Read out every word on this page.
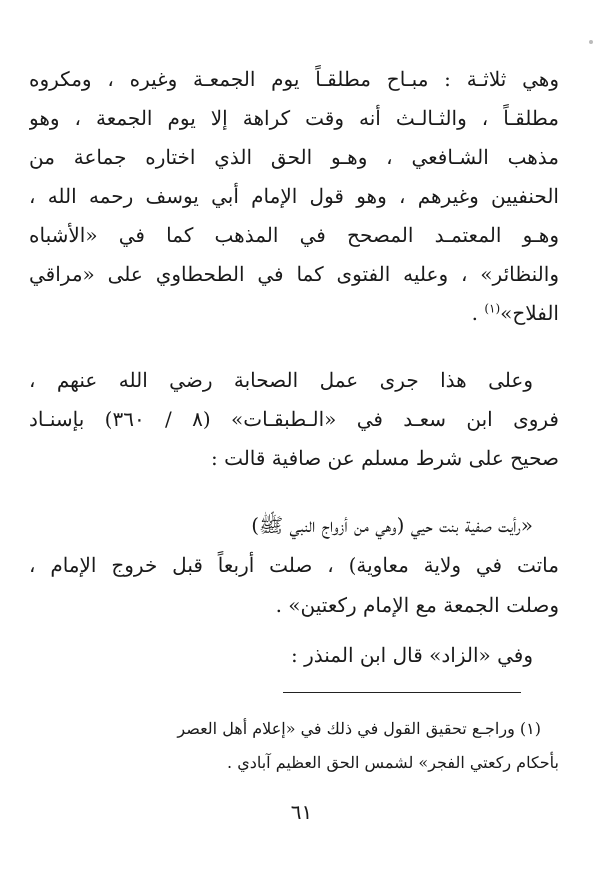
وهي ثلاثـة : مبـاح مطلقـاً يوم الجمعـة وغيره ، ومكروه
مطلقـاً ، والثـالـث أنه وقت كراهة إلا يوم الجمعة ، وهو
مذهب الشـافعي ، وهـو الحق الذي اختاره جماعة من
الحنفيين وغيرهم ، وهو قول الإمام أبي يوسف رحمه الله ،
وهـو المعتمـد المصحح في المذهب كما في «الأشباه
والنظائر» ، وعليه الفتوى كما في الطحطاوي على «مراقي
الفلاح»$^{(١)}$ .
وعلى هذا جرى عمل الصحابة رضي الله عنهم ،
فروى ابن سعـد في «الـطبقـات» (٨ / ٣٦٠) بإسنـاد
صحيح على شرط مسلم عن صافية قالت :
«رأيت صفية بنت حيي (وهي من أزواج النبي ﷺ)
ماتت في ولاية معاوية) ، صلت أربعاً قبل خروج الإمام ،
وصلت الجمعة مع الإمام ركعتين» .
وفي «الزاد» قال ابن المنذر :
(١) وراجـع تحقيق القول في ذلك في «إعلام أهل العصر
بأحكام ركعتي الفجر» لشمس الحق العظيم آبادي .
٦١
